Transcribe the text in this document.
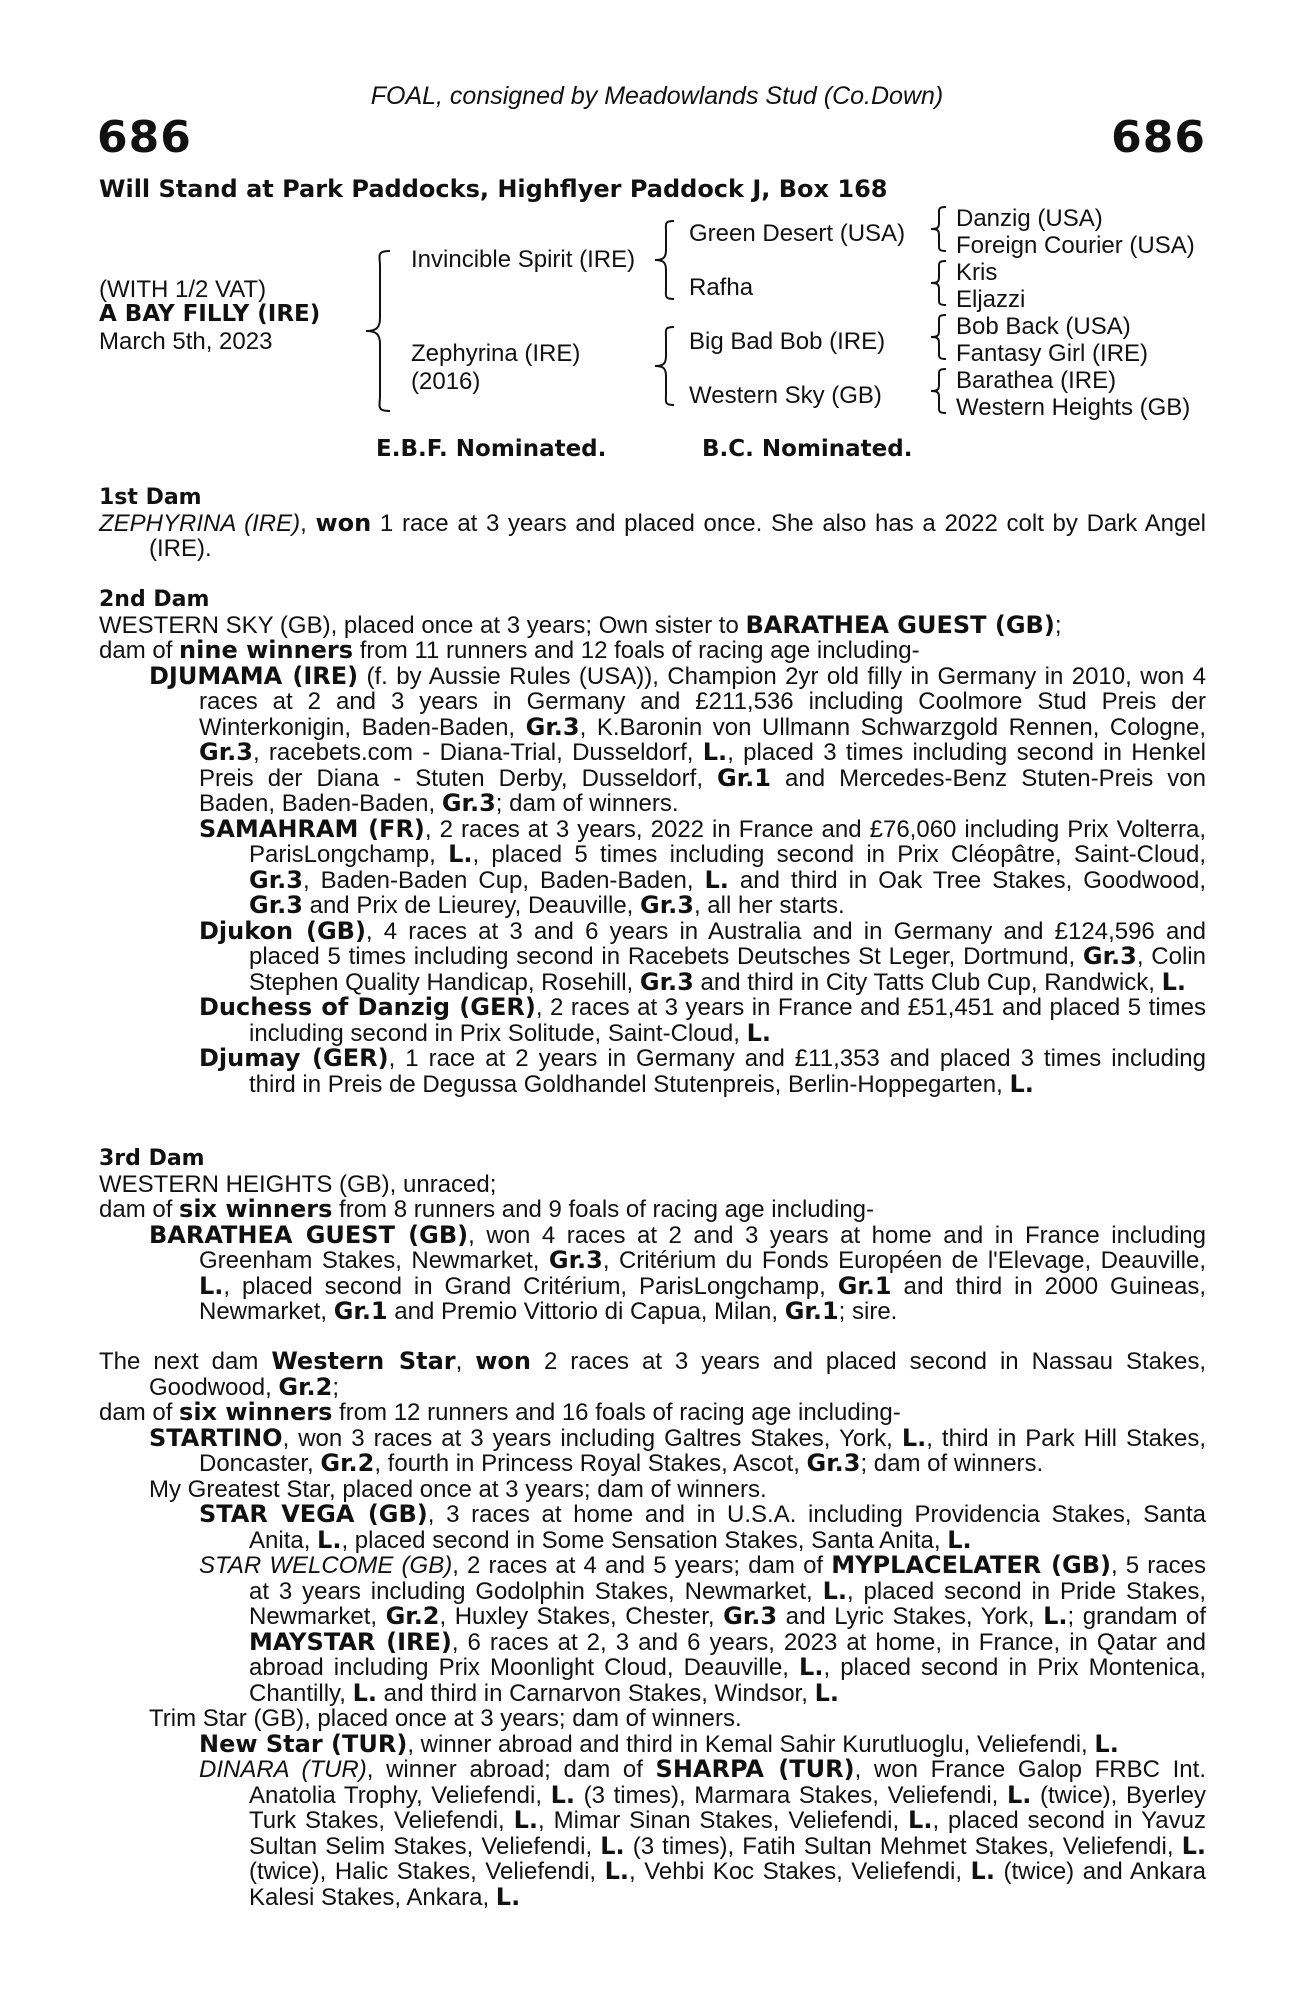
FOAL, consigned by Meadowlands Stud (Co.Down)
686	686
Will Stand at Park Paddocks, Highflyer Paddock J, Box 168
(WITH 1/2 VAT)
A BAY FILLY (IRE)
March 5th, 2023
Invincible Spirit (IRE)
Zephyrina (IRE)
(2016)
Green Desert (USA)
Rafha
Big Bad Bob (IRE)
Western Sky (GB)
Danzig (USA)
Foreign Courier (USA)
Kris
Eljazzi
Bob Back (USA)
Fantasy Girl (IRE)
Barathea (IRE)
Western Heights (GB)
E.B.F. Nominated.	B.C. Nominated.
1st Dam
ZEPHYRINA (IRE), won 1 race at 3 years and placed once. She also has a 2022 colt by Dark Angel (IRE).
2nd Dam
WESTERN SKY (GB), placed once at 3 years; Own sister to BARATHEA GUEST (GB);
dam of nine winners from 11 runners and 12 foals of racing age including-
DJUMAMA (IRE) (f. by Aussie Rules (USA)), Champion 2yr old filly in Germany in 2010, won 4 races at 2 and 3 years in Germany and £211,536 including Coolmore Stud Preis der Winterkonigin, Baden-Baden, Gr.3, K.Baronin von Ullmann Schwarzgold Rennen, Cologne, Gr.3, racebets.com - Diana-Trial, Dusseldorf, L., placed 3 times including second in Henkel Preis der Diana - Stuten Derby, Dusseldorf, Gr.1 and Mercedes-Benz Stuten-Preis von Baden, Baden-Baden, Gr.3; dam of winners.
SAMAHRAM (FR), 2 races at 3 years, 2022 in France and £76,060 including Prix Volterra, ParisLongchamp, L., placed 5 times including second in Prix Cléopâtre, Saint-Cloud, Gr.3, Baden-Baden Cup, Baden-Baden, L. and third in Oak Tree Stakes, Goodwood, Gr.3 and Prix de Lieurey, Deauville, Gr.3, all her starts.
Djukon (GB), 4 races at 3 and 6 years in Australia and in Germany and £124,596 and placed 5 times including second in Racebets Deutsches St Leger, Dortmund, Gr.3, Colin Stephen Quality Handicap, Rosehill, Gr.3 and third in City Tatts Club Cup, Randwick, L.
Duchess of Danzig (GER), 2 races at 3 years in France and £51,451 and placed 5 times including second in Prix Solitude, Saint-Cloud, L.
Djumay (GER), 1 race at 2 years in Germany and £11,353 and placed 3 times including third in Preis de Degussa Goldhandel Stutenpreis, Berlin-Hoppegarten, L.
3rd Dam
WESTERN HEIGHTS (GB), unraced;
dam of six winners from 8 runners and 9 foals of racing age including-
BARATHEA GUEST (GB), won 4 races at 2 and 3 years at home and in France including Greenham Stakes, Newmarket, Gr.3, Critérium du Fonds Européen de l'Elevage, Deauville, L., placed second in Grand Critérium, ParisLongchamp, Gr.1 and third in 2000 Guineas, Newmarket, Gr.1 and Premio Vittorio di Capua, Milan, Gr.1; sire.
The next dam Western Star, won 2 races at 3 years and placed second in Nassau Stakes, Goodwood, Gr.2;
dam of six winners from 12 runners and 16 foals of racing age including-
STARTINO, won 3 races at 3 years including Galtres Stakes, York, L., third in Park Hill Stakes, Doncaster, Gr.2, fourth in Princess Royal Stakes, Ascot, Gr.3; dam of winners.
My Greatest Star, placed once at 3 years; dam of winners.
STAR VEGA (GB), 3 races at home and in U.S.A. including Providencia Stakes, Santa Anita, L., placed second in Some Sensation Stakes, Santa Anita, L.
STAR WELCOME (GB), 2 races at 4 and 5 years; dam of MYPLACELATER (GB), 5 races at 3 years including Godolphin Stakes, Newmarket, L., placed second in Pride Stakes, Newmarket, Gr.2, Huxley Stakes, Chester, Gr.3 and Lyric Stakes, York, L.; grandam of MAYSTAR (IRE), 6 races at 2, 3 and 6 years, 2023 at home, in France, in Qatar and abroad including Prix Moonlight Cloud, Deauville, L., placed second in Prix Montenica, Chantilly, L. and third in Carnarvon Stakes, Windsor, L.
Trim Star (GB), placed once at 3 years; dam of winners.
New Star (TUR), winner abroad and third in Kemal Sahir Kurutluoglu, Veliefendi, L.
DINARA (TUR), winner abroad; dam of SHARPA (TUR), won France Galop FRBC Int. Anatolia Trophy, Veliefendi, L. (3 times), Marmara Stakes, Veliefendi, L. (twice), Byerley Turk Stakes, Veliefendi, L., Mimar Sinan Stakes, Veliefendi, L., placed second in Yavuz Sultan Selim Stakes, Veliefendi, L. (3 times), Fatih Sultan Mehmet Stakes, Veliefendi, L. (twice), Halic Stakes, Veliefendi, L., Vehbi Koc Stakes, Veliefendi, L. (twice) and Ankara Kalesi Stakes, Ankara, L.
